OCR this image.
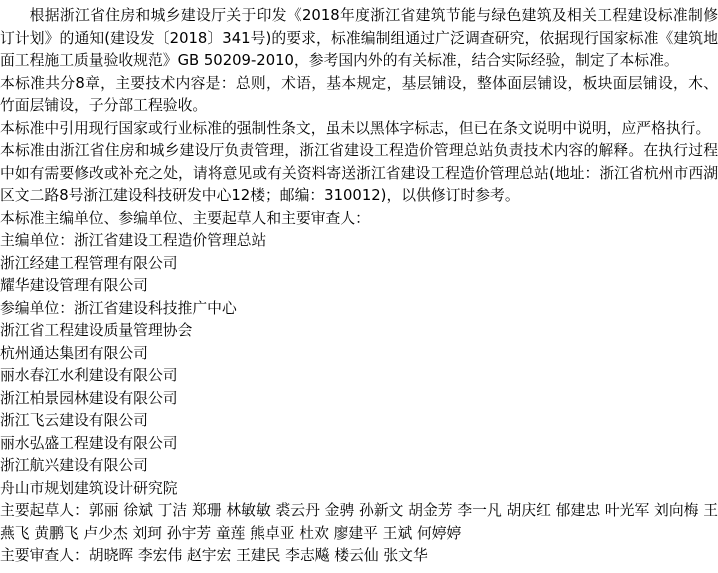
根据浙江省住房和城乡建设厅关于印发《2018年度浙江省建筑节能与绿色建筑及相关工程建设标准制修订计划》的通知(建设发〔2018〕341号)的要求，标准编制组通过广泛调查研究，依据现行国家标准《建筑地面工程施工质量验收规范》GB 50209-2010，参考国内外的有关标准，结合实际经验，制定了本标准。

本标准共分8章，主要技术内容是：总则，术语，基本规定，基层铺设，整体面层铺设，板块面层铺设，木、竹面层铺设，子分部工程验收。

本标准中引用现行国家或行业标准的强制性条文，虽未以黑体字标志，但已在条文说明中说明，应严格执行。

本标准由浙江省住房和城乡建设厅负责管理，浙江省建设工程造价管理总站负责技术内容的解释。在执行过程中如有需要修改或补充之处，请将意见或有关资料寄送浙江省建设工程造价管理总站(地址：浙江省杭州市西湖区文二路8号浙江建设科技研发中心12楼；邮编：310012)，以供修订时参考。

本标准主编单位、参编单位、主要起草人和主要审查人：

主编单位：浙江省建设工程造价管理总站

浙江经建工程管理有限公司

耀华建设管理有限公司

参编单位：浙江省建设科技推广中心

浙江省工程建设质量管理协会

杭州通达集团有限公司

丽水春江水利建设有限公司

浙江柏景园林建设有限公司

浙江飞云建设有限公司

丽水弘盛工程建设有限公司

浙江航兴建设有限公司

舟山市规划建筑设计研究院

主要起草人：郭丽 徐斌 丁洁 郑珊 林敏敏 裘云丹 金骋 孙新文 胡金芳 李一凡 胡庆红 郁建忠 叶光军 刘向梅 王燕飞 黄鹏飞 卢少杰 刘珂 孙宇芳 童莲 熊卓亚 杜欢 廖建平 王斌 何婷婷

主要审查人：胡晓晖 李宏伟 赵宇宏 王建民 李志飚 楼云仙 张文华
